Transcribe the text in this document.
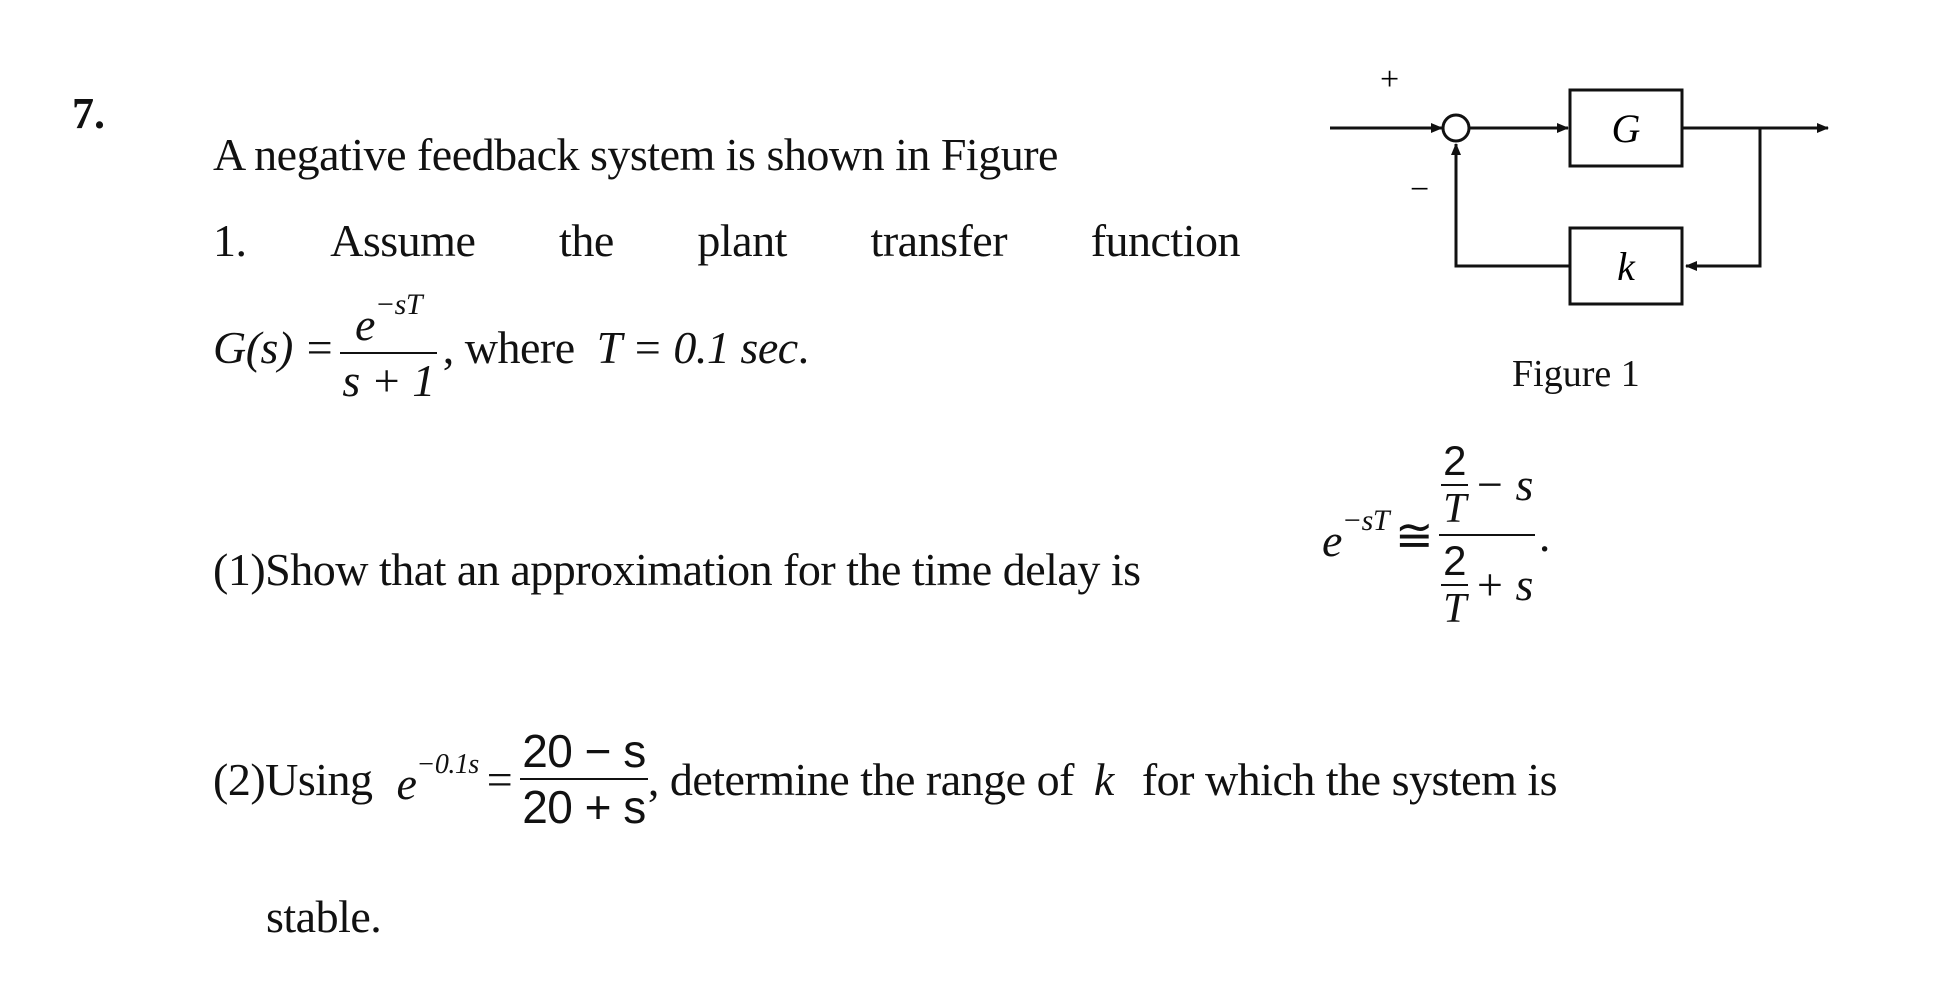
7.
A negative feedback system is shown in Figure
1. Assume the plant transfer function
$G(s) = \frac{e^{-sT}}{s + 1}$ , where T = 0.1 sec .
(1)Show that an approximation for the time delay is
$e^{-sT}$ ≅ $\frac{\frac{2}{T} - s}{\frac{2}{T} + s}$ .
(2)Using $e^{-0.1s} = \frac{20 - s}{20 + s}$ , determine the range of k for which the system is
stable.
+
−
G
k
Figure 1
